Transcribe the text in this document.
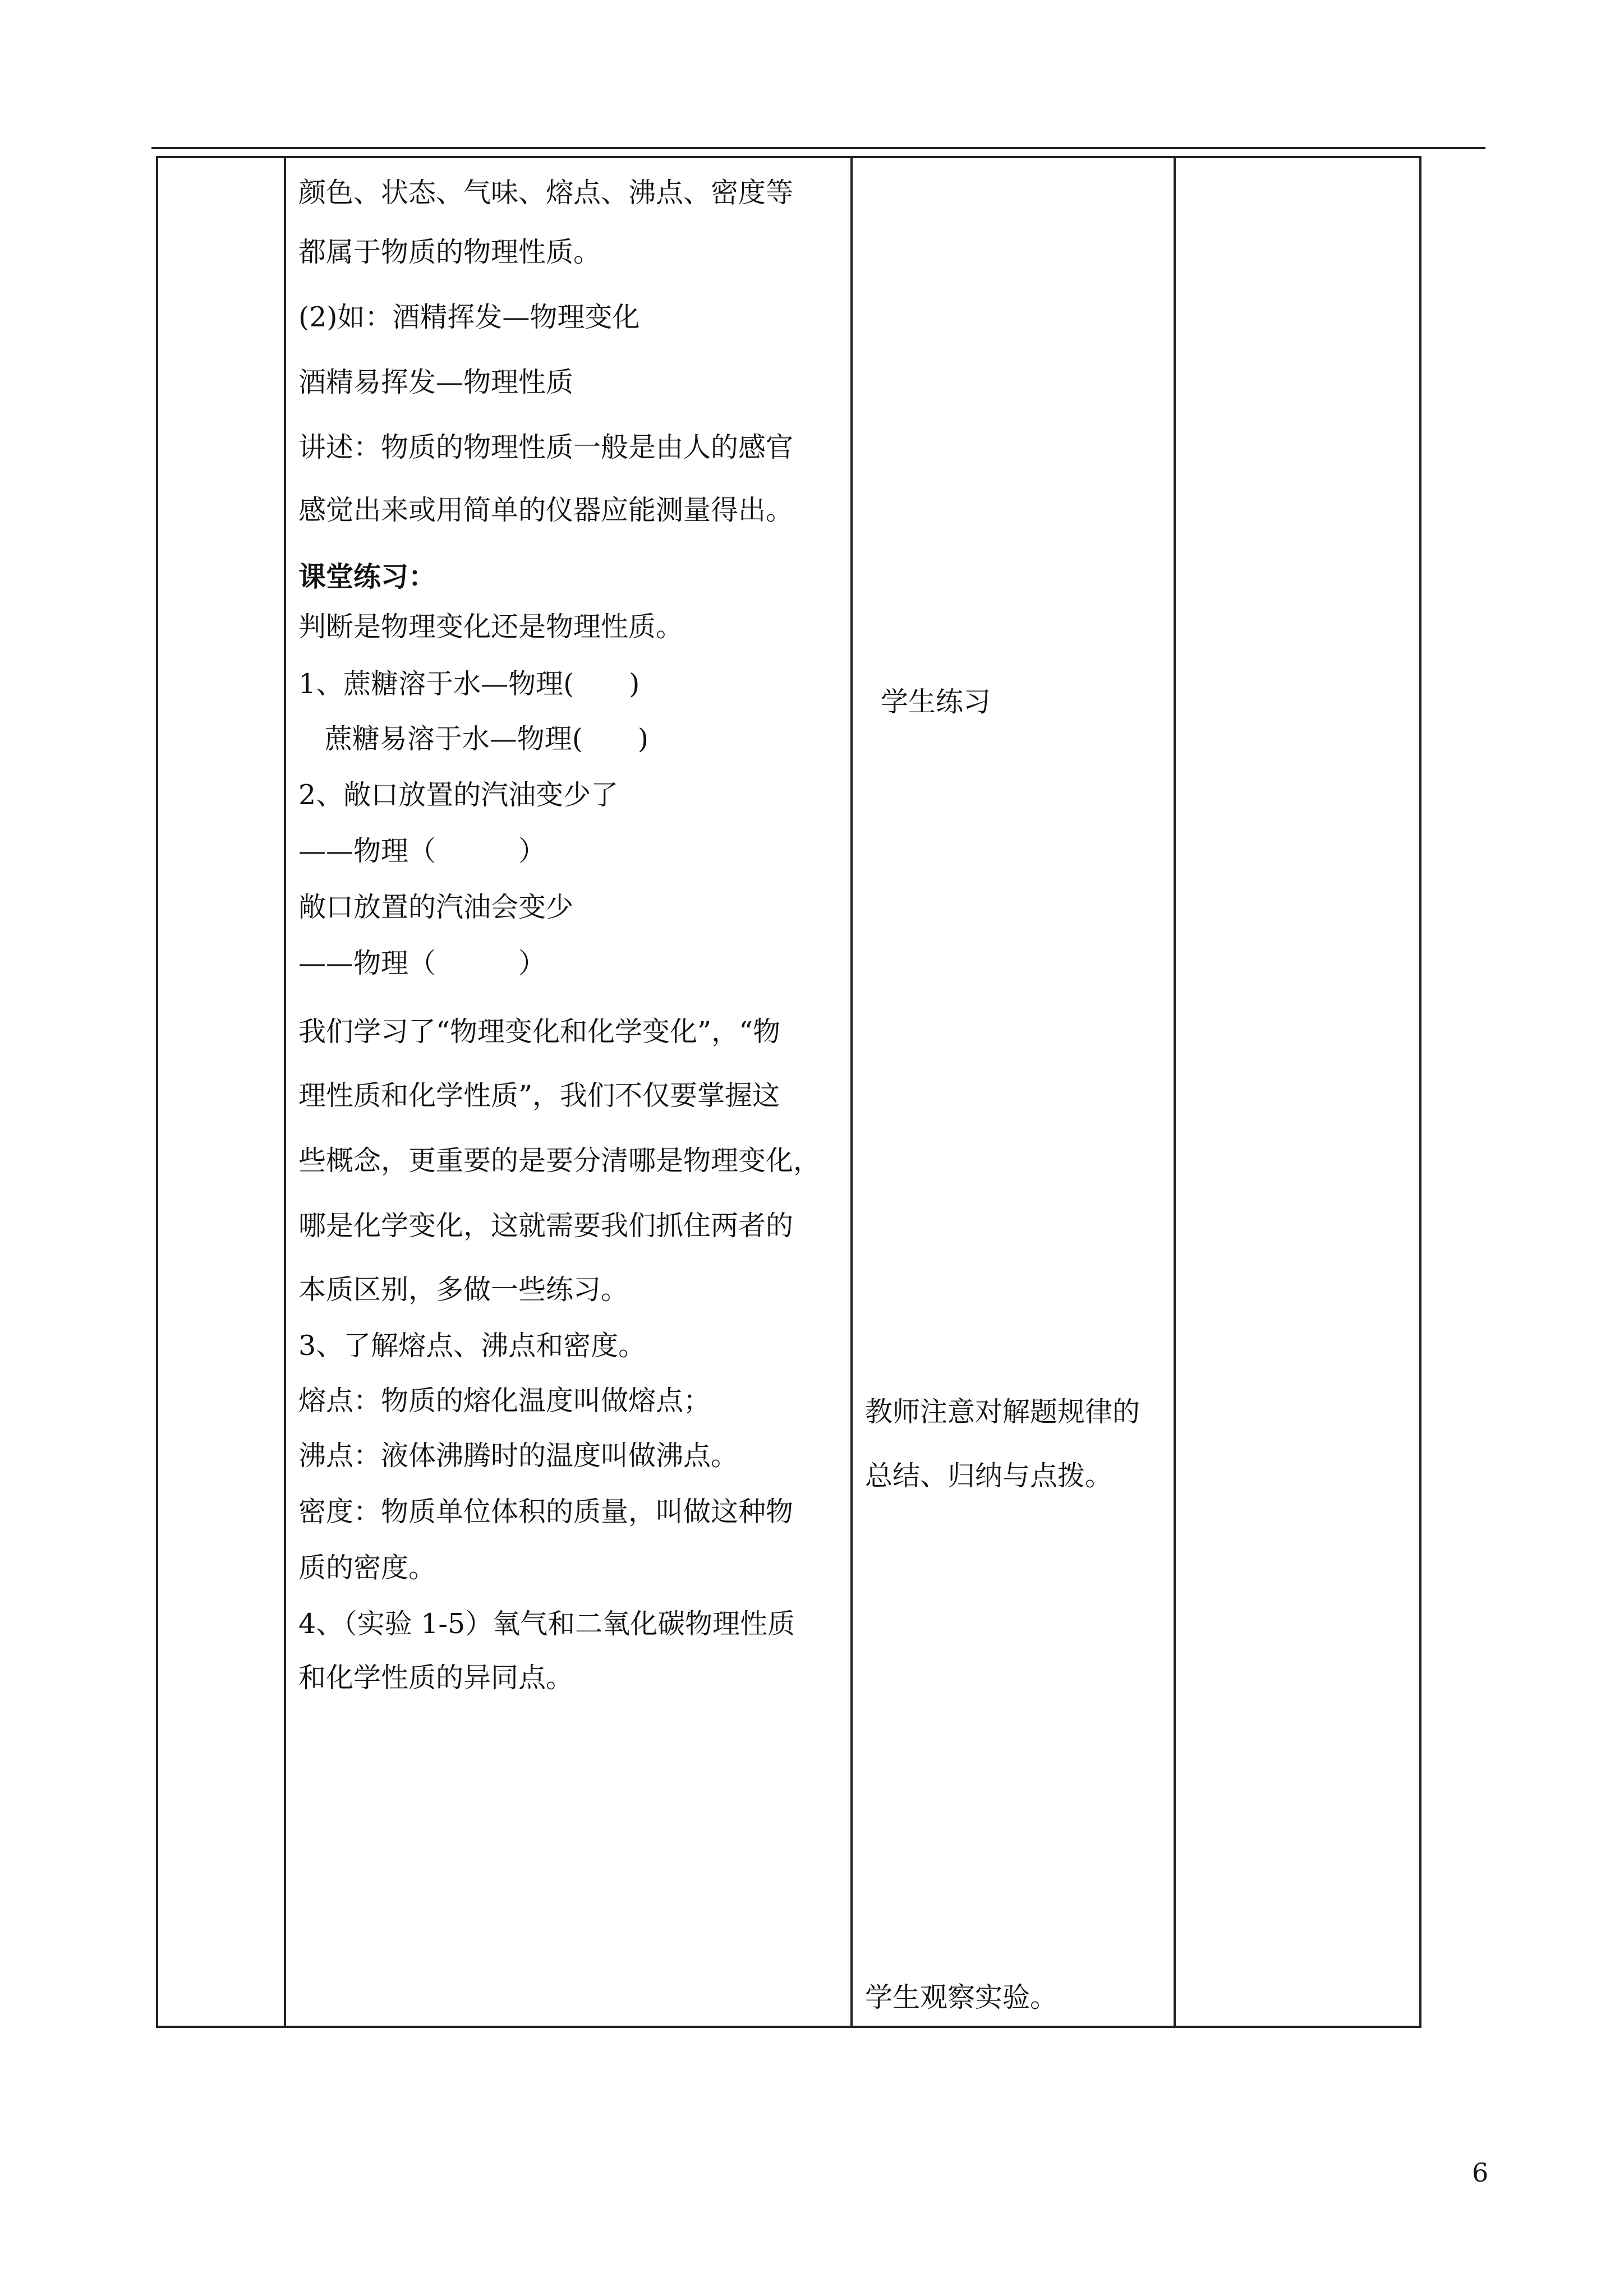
颜色、状态、气味、熔点、沸点、密度等
都属于物质的物理性质。
(2)如：酒精挥发—物理变化
酒精易挥发—物理性质
讲述：物质的物理性质一般是由人的感官
感觉出来或用简单的仪器应能测量得出。
课堂练习：
判断是物理变化还是物理性质。
1、蔗糖溶于水—物理(　　)
蔗糖易溶于水—物理(　　)
2、敞口放置的汽油变少了
——物理（　　　）
敞口放置的汽油会变少
——物理（　　　）
我们学习了“物理变化和化学变化”，“物
理性质和化学性质”，我们不仅要掌握这
些概念，更重要的是要分清哪是物理变化，
哪是化学变化，这就需要我们抓住两者的
本质区别，多做一些练习。
3、了解熔点、沸点和密度。
熔点：物质的熔化温度叫做熔点；
沸点：液体沸腾时的温度叫做沸点。
密度：物质单位体积的质量，叫做这种物
质的密度。
4、（实验 1-5）氧气和二氧化碳物理性质
和化学性质的异同点。
学生练习
教师注意对解题规律的
总结、归纳与点拨。
学生观察实验。
6
